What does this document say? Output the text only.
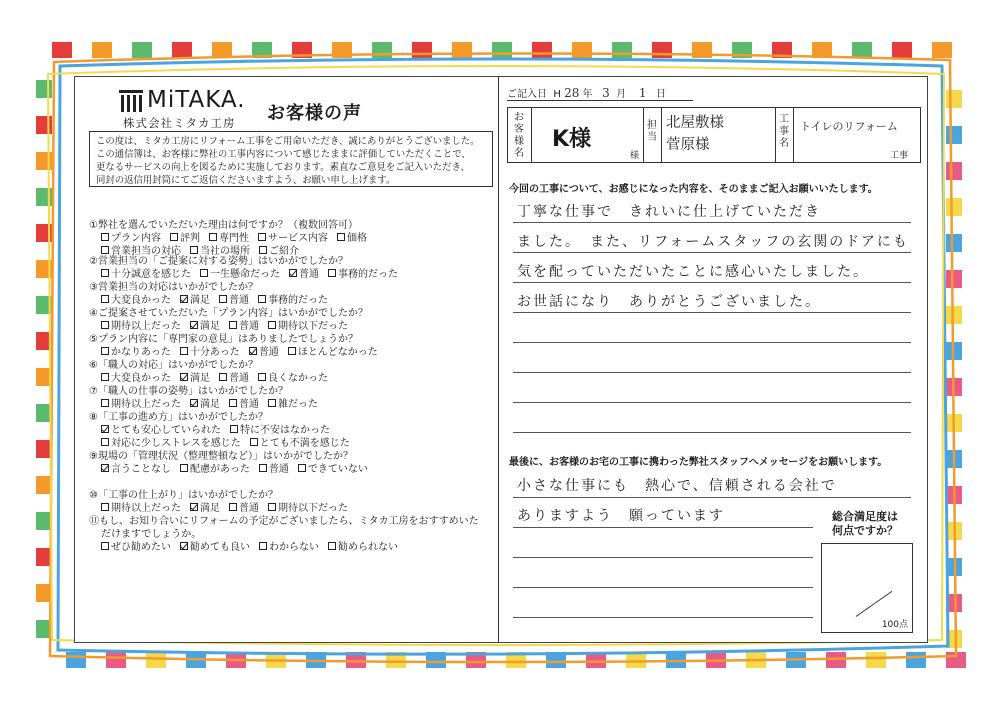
MiTAKA.
株式会社ミタカ工房 お客様の声
この度は、ミタカ工房にリフォーム工事をご用命いただき、誠にありがとうございました。
この通信簿は、お客様に弊社の工事内容について感じたままに評価していただくことで、
更なるサービスの向上を図るために実施しております。素直なご意見をご記入いただき、
同封の返信用封筒にてご返信くださいますよう、お願い申し上げます。
①弊社を選んでいただいた理由は何ですか？（複数回答可）
プラン内容 評判 専門性 サービス内容 価格
営業担当の対応 当社の場所 ご紹介
②営業担当の「ご提案に対する姿勢」はいかがでしたか？
十分誠意を感じた 一生懸命だった 普通 事務的だった
③営業担当の対応はいかがでしたか？
大変良かった 満足 普通 事務的だった
④ご提案させていただいた「プラン内容」はいかがでしたか？
期待以上だった 満足 普通 期待以下だった
⑤プラン内容に「専門家の意見」はありましたでしょうか？
かなりあった 十分あった 普通 ほとんどなかった
⑥「職人の対応」はいかがでしたか？
大変良かった 満足 普通 良くなかった
⑦「職人の仕事の姿勢」はいかがでしたか？
期待以上だった 満足 普通 雑だった
⑧「工事の進め方」はいかがでしたか？
とても安心していられた 特に不安はなかった
対応に少しストレスを感じた とても不満を感じた
⑨現場の「管理状況（整理整頓など）」はいかがでしたか？
言うことなし 配慮があった 普通 できていない
⑩「工事の仕上がり」はいかがでしたか？
期待以上だった 満足 普通 期待以下だった
⑪もし、お知り合いにリフォームの予定がございましたら、ミタカ工房をおすすめいた
だけますでしょうか。
ぜひ勧めたい 勧めても良い わからない 勧められない
ご記入日 H 28 年 3 月 1 日
お客様名
K様
様
担当
北屋敷様
菅原様
工事名
トイレのリフォーム
工事
今回の工事について、お感じになった内容を、そのままご記入お願いいたします。
丁寧な仕事で　きれいに仕上げていただき
ました。　また、リフォームスタッフの玄関のドアにも
気を配っていただいたことに感心いたしました。
お世話になり　ありがとうございました。
最後に、お客様のお宅の工事に携わった弊社スタッフへメッセージをお願いします。
小さな仕事にも　熱心で、信頼される会社で
ありますよう　願っています	総合満足度は
何点ですか？
100点
